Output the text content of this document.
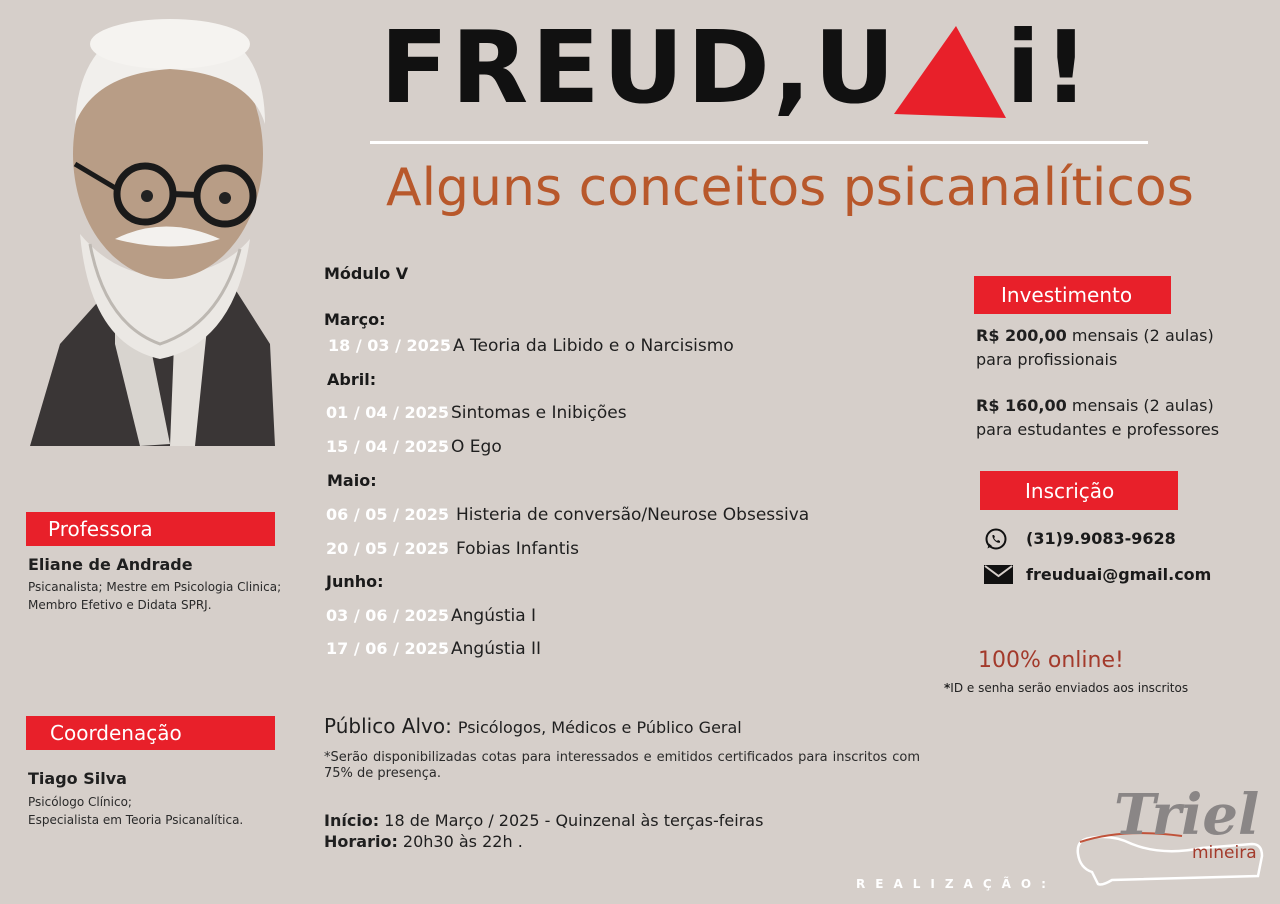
FREUD,U i!
Alguns conceitos psicanalíticos
Módulo V
Março:
18 / 03 / 2025 A Teoria da Libido e o Narcisismo
Abril:
01 / 04 / 2025 Sintomas e Inibições
15 / 04 / 2025 O Ego
Maio:
06 / 05 / 2025 Histeria de conversão/Neurose Obsessiva
20 / 05 / 2025 Fobias Infantis
Junho:
03 / 06 / 2025 Angústia I
17 / 06 / 2025 Angústia II
Professora
Eliane de Andrade
Psicanalista; Mestre em Psicologia Clinica;
Membro Efetivo e Didata SPRJ.
Coordenação
Tiago Silva
Psicólogo Clínico;
Especialista em Teoria Psicanalítica.
Investimento
R$ 200,00 mensais (2 aulas)
para profissionais
R$ 160,00 mensais (2 aulas)
para estudantes e professores
Inscrição
(31)9.9083-9628
freuduai@gmail.com
100% online!
*ID e senha serão enviados aos inscritos
Público Alvo: Psicólogos, Médicos e Público Geral
*Serão disponibilizadas cotas para interessados e emitidos certificados para inscritos com 75% de presença.
Início: 18 de Março / 2025 - Quinzenal às terças-feiras
Horario: 20h30 às 22h .
REALIZAÇÃO:
Triel
mineira
